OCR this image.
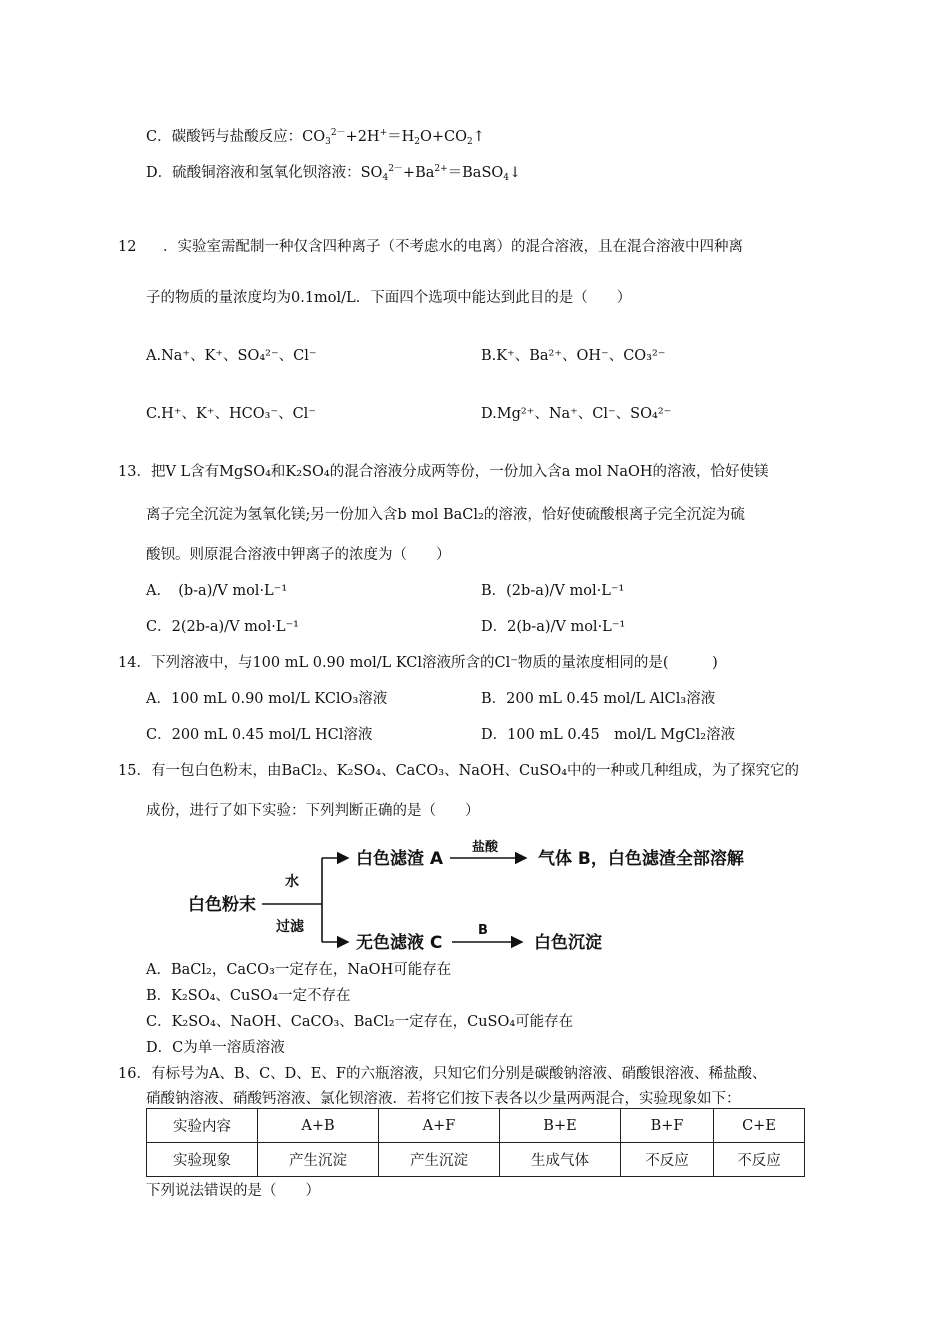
C．碳酸钙与盐酸反应：$CO_3^{2-}+2H^+=H_2O+CO_2↑$
D．硫酸铜溶液和氢氧化钡溶液：$SO_4^{2-}+Ba^{2+}=BaSO_4↓$
12 ．实验室需配制一种仅含四种离子（不考虑水的电离）的混合溶液，且在混合溶液中四种离
子的物质的量浓度均为0.1mol/L．下面四个选项中能达到此目的是（　　）
A.Na⁺、K⁺、SO₄²⁻、Cl⁻	B.K⁺、Ba²⁺、OH⁻、CO₃²⁻
C.H⁺、K⁺、HCO₃⁻、Cl⁻	D.Mg²⁺、Na⁺、Cl⁻、SO₄²⁻
13．把V L含有MgSO₄和K₂SO₄的混合溶液分成两等份，一份加入含a mol NaOH的溶液，恰好使镁
离子完全沉淀为氢氧化镁;另一份加入含b mol BaCl₂的溶液，恰好使硫酸根离子完全沉淀为硫
酸钡。则原混合溶液中钾离子的浓度为（　　）
A．　(b-a)/V mol·L⁻¹	B．(2b-a)/V mol·L⁻¹
C．2(2b-a)/V mol·L⁻¹	D．2(b-a)/V mol·L⁻¹
14．下列溶液中，与100 mL 0.90 mol/L KCl溶液所含的Cl⁻物质的量浓度相同的是(　　　)
A．100 mL 0.90 mol/L KClO₃溶液	B．200 mL 0.45 mol/L AlCl₃溶液
C．200 mL 0.45 mol/L HCl溶液	D．100 mL 0.45　mol/L MgCl₂溶液
15．有一包白色粉末，由BaCl₂、K₂SO₄、CaCO₃、NaOH、CuSO₄中的一种或几种组成，为了探究它的
成份，进行了如下实验：下列判断正确的是（　　）
白色粉末
水
过滤
白色滤渣 A
盐酸
气体 B，白色滤渣全部溶解
无色滤液 C
B
白色沉淀
A．BaCl₂，CaCO₃一定存在，NaOH可能存在
B．K₂SO₄、CuSO₄一定不存在
C．K₂SO₄、NaOH、CaCO₃、BaCl₂一定存在，CuSO₄可能存在
D．C为单一溶质溶液
16．有标号为A、B、C、D、E、F的六瓶溶液，只知它们分别是碳酸钠溶液、硝酸银溶液、稀盐酸、
硝酸钠溶液、硝酸钙溶液、氯化钡溶液．若将它们按下表各以少量两两混合，实验现象如下：
实验内容	A+B	A+F	B+E	B+F	C+E
实验现象	产生沉淀	产生沉淀	生成气体	不反应	不反应
下列说法错误的是（　　）
